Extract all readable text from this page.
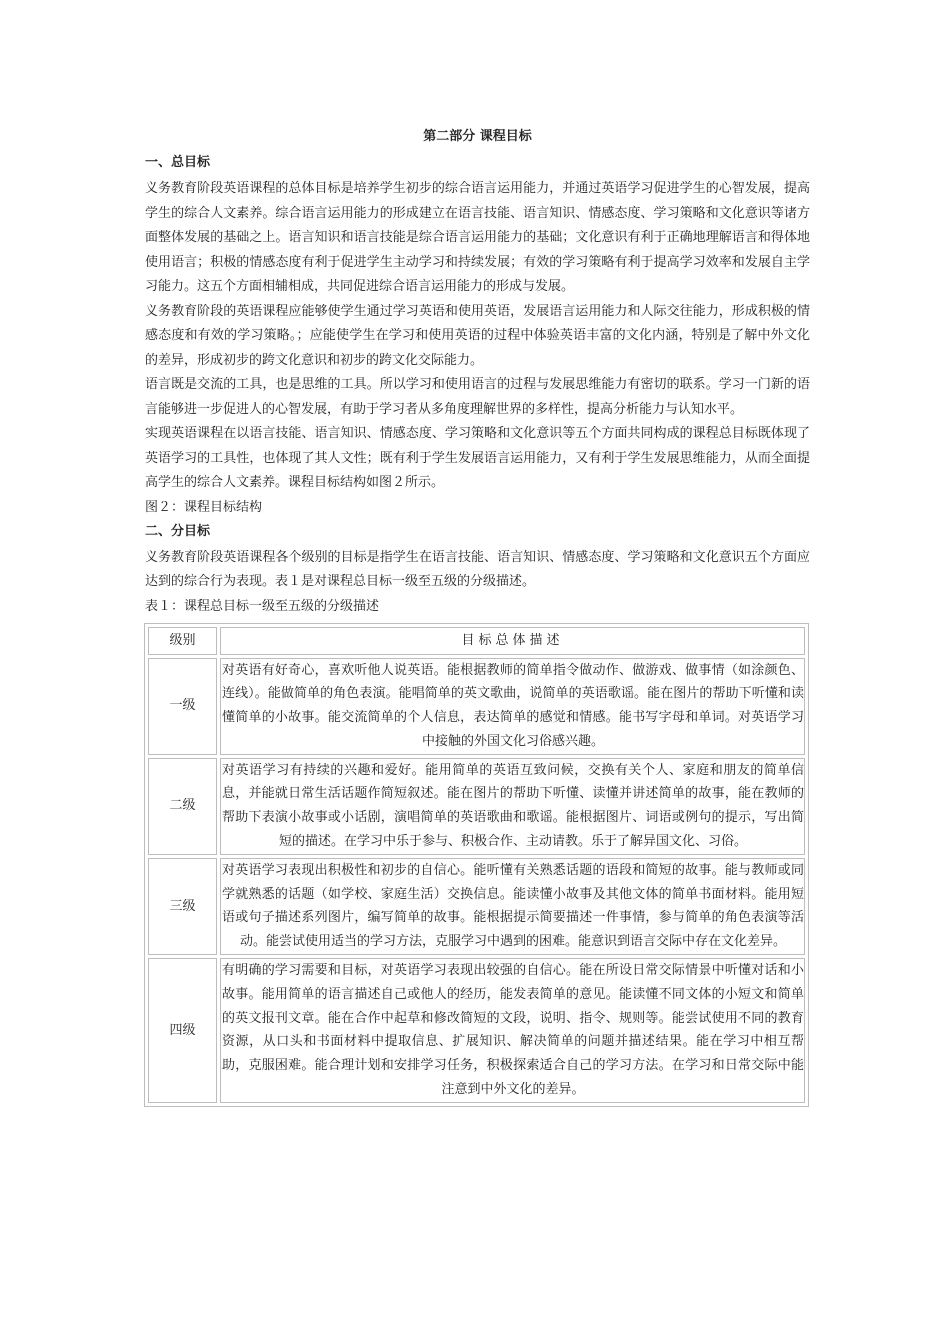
第二部分 课程目标
一、总目标

义务教育阶段英语课程的总体目标是培养学生初步的综合语言运用能力，并通过英语学习促进学生的心智发展，提高学生的综合人文素养。综合语言运用能力的形成建立在语言技能、语言知识、情感态度、学习策略和文化意识等诸方面整体发展的基础之上。语言知识和语言技能是综合语言运用能力的基础；文化意识有利于正确地理解语言和得体地使用语言；积极的情感态度有利于促进学生主动学习和持续发展；有效的学习策略有利于提高学习效率和发展自主学习能力。这五个方面相辅相成，共同促进综合语言运用能力的形成与发展。

义务教育阶段的英语课程应能够使学生通过学习英语和使用英语，发展语言运用能力和人际交往能力，形成积极的情感态度和有效的学习策略。；应能使学生在学习和使用英语的过程中体验英语丰富的文化内涵，特别是了解中外文化的差异，形成初步的跨文化意识和初步的跨文化交际能力。

语言既是交流的工具，也是思维的工具。所以学习和使用语言的过程与发展思维能力有密切的联系。学习一门新的语言能够进一步促进人的心智发展，有助于学习者从多角度理解世界的多样性，提高分析能力与认知水平。

实现英语课程在以语言技能、语言知识、情感态度、学习策略和文化意识等五个方面共同构成的课程总目标既体现了英语学习的工具性，也体现了其人文性；既有利于学生发展语言运用能力，又有利于学生发展思维能力，从而全面提高学生的综合人文素养。课程目标结构如图２所示。

图２：课程目标结构

二、分目标

义务教育阶段英语课程各个级别的目标是指学生在语言技能、语言知识、情感态度、学习策略和文化意识五个方面应达到的综合行为表现。表１是对课程总目标一级至五级的分级描述。

表１：课程总目标一级至五级的分级描述

级别	目标总体描述
一级	对英语有好奇心，喜欢听他人说英语。能根据教师的简单指令做动作、做游戏、做事情（如涂颜色、连线）。能做简单的角色表演。能唱简单的英文歌曲，说简单的英语歌谣。能在图片的帮助下听懂和读懂简单的小故事。能交流简单的个人信息，表达简单的感觉和情感。能书写字母和单词。对英语学习中接触的外国文化习俗感兴趣。
二级	对英语学习有持续的兴趣和爱好。能用简单的英语互致问候，交换有关个人、家庭和朋友的简单信息，并能就日常生活话题作简短叙述。能在图片的帮助下听懂、读懂并讲述简单的故事，能在教师的帮助下表演小故事或小话剧，演唱简单的英语歌曲和歌谣。能根据图片、词语或例句的提示，写出简短的描述。在学习中乐于参与、积极合作、主动请教。乐于了解异国文化、习俗。
三级	对英语学习表现出积极性和初步的自信心。能听懂有关熟悉话题的语段和简短的故事。能与教师或同学就熟悉的话题（如学校、家庭生活）交换信息。能读懂小故事及其他文体的简单书面材料。能用短语或句子描述系列图片，编写简单的故事。能根据提示简要描述一件事情，参与简单的角色表演等活动。能尝试使用适当的学习方法，克服学习中遇到的困难。能意识到语言交际中存在文化差异。
四级	有明确的学习需要和目标，对英语学习表现出较强的自信心。能在所设日常交际情景中听懂对话和小故事。能用简单的语言描述自己或他人的经历，能发表简单的意见。能读懂不同文体的小短文和简单的英文报刊文章。能在合作中起草和修改简短的文段，说明、指令、规则等。能尝试使用不同的教育资源，从口头和书面材料中提取信息、扩展知识、解决简单的问题并描述结果。能在学习中相互帮助，克服困难。能合理计划和安排学习任务，积极探索适合自己的学习方法。在学习和日常交际中能注意到中外文化的差异。
